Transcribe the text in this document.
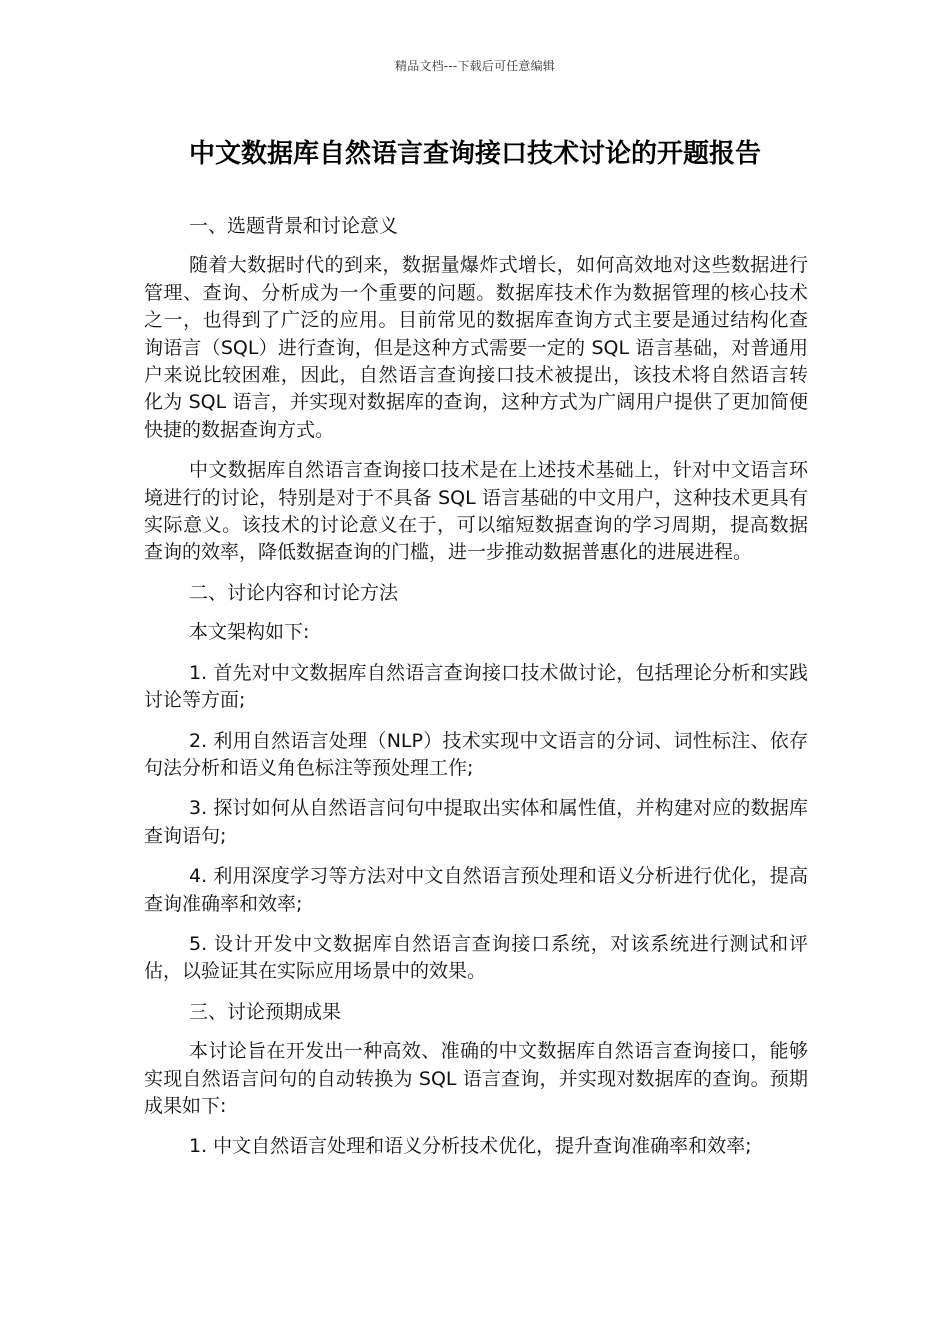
精品文档---下载后可任意编辑
中文数据库自然语言查询接口技术讨论的开题报告

一、选题背景和讨论意义

随着大数据时代的到来，数据量爆炸式增长，如何高效地对这些数据进行管理、查询、分析成为一个重要的问题。数据库技术作为数据管理的核心技术之一，也得到了广泛的应用。目前常见的数据库查询方式主要是通过结构化查询语言（SQL）进行查询，但是这种方式需要一定的 SQL 语言基础，对普通用户来说比较困难，因此，自然语言查询接口技术被提出，该技术将自然语言转化为 SQL 语言，并实现对数据库的查询，这种方式为广阔用户提供了更加简便快捷的数据查询方式。

中文数据库自然语言查询接口技术是在上述技术基础上，针对中文语言环境进行的讨论，特别是对于不具备 SQL 语言基础的中文用户，这种技术更具有实际意义。该技术的讨论意义在于，可以缩短数据查询的学习周期，提高数据查询的效率，降低数据查询的门槛，进一步推动数据普惠化的进展进程。

二、讨论内容和讨论方法

本文架构如下:

1. 首先对中文数据库自然语言查询接口技术做讨论，包括理论分析和实践讨论等方面;

2. 利用自然语言处理（NLP）技术实现中文语言的分词、词性标注、依存句法分析和语义角色标注等预处理工作;

3. 探讨如何从自然语言问句中提取出实体和属性值，并构建对应的数据库查询语句;

4. 利用深度学习等方法对中文自然语言预处理和语义分析进行优化，提高查询准确率和效率;

5. 设计开发中文数据库自然语言查询接口系统，对该系统进行测试和评估，以验证其在实际应用场景中的效果。

三、讨论预期成果

本讨论旨在开发出一种高效、准确的中文数据库自然语言查询接口，能够实现自然语言问句的自动转换为 SQL 语言查询，并实现对数据库的查询。预期成果如下:

1. 中文自然语言处理和语义分析技术优化，提升查询准确率和效率;
